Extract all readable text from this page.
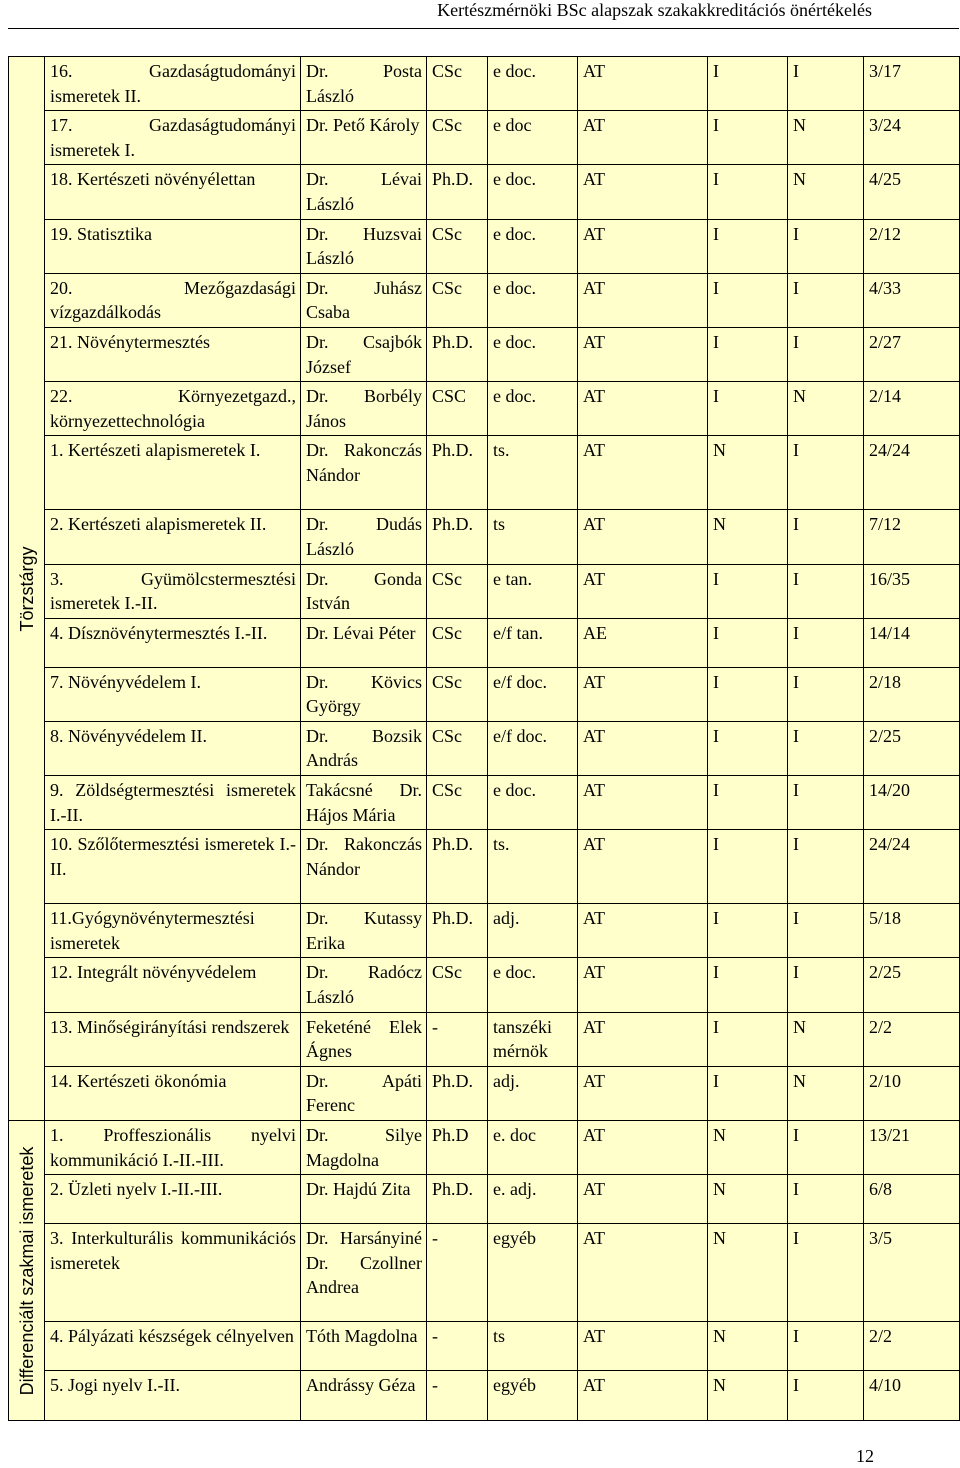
Kertészmérnöki BSc alapszak szakakkreditációs önértékelés
Törzstárgy	16. Gazdaságtudományi ismeretek II.	Dr. Posta László	CSc	e doc.	AT	I	I	3/17
	17. Gazdaságtudományi ismeretek I.	Dr. Pető Károly	CSc	e doc	AT	I	N	3/24
	18. Kertészeti növényélettan	Dr. Lévai László	Ph.D.	e doc.	AT	I	N	4/25
	19. Statisztika	Dr. Huzsvai László	CSc	e doc.	AT	I	I	2/12
	20. Mezőgazdasági vízgazdálkodás	Dr. Juhász Csaba	CSc	e doc.	AT	I	I	4/33
	21. Növénytermesztés	Dr. Csajbók József	Ph.D.	e doc.	AT	I	I	2/27
	22. Környezetgazd., környezettechnológia	Dr. Borbély János	CSC	e doc.	AT	I	N	2/14
	1. Kertészeti alapismeretek I.	Dr. Rakonczás Nándor	Ph.D.	ts.	AT	N	I	24/24
	2. Kertészeti alapismeretek II.	Dr. Dudás László	Ph.D.	ts	AT	N	I	7/12
	3. Gyümölcstermesztési ismeretek I.-II.	Dr. Gonda István	CSc	e tan.	AT	I	I	16/35
	4. Dísznövénytermesztés I.-II.	Dr. Lévai Péter	CSc	e/f tan.	AE	I	I	14/14
	7. Növényvédelem I.	Dr. Kövics György	CSc	e/f doc.	AT	I	I	2/18
	8. Növényvédelem II.	Dr. Bozsik András	CSc	e/f doc.	AT	I	I	2/25
	9. Zöldségtermesztési ismeretek I.-II.	Takácsné Dr. Hájos Mária	CSc	e doc.	AT	I	I	14/20
	10. Szőlőtermesztési ismeretek I.-II.	Dr. Rakonczás Nándor	Ph.D.	ts.	AT	I	I	24/24
	11.Gyógynövénytermesztési ismeretek	Dr. Kutassy Erika	Ph.D.	adj.	AT	I	I	5/18
	12. Integrált növényvédelem	Dr. Radócz László	CSc	e doc.	AT	I	I	2/25
	13. Minőségirányítási rendszerek	Feketéné Elek Ágnes	-	tanszéki mérnök	AT	I	N	2/2
	14. Kertészeti ökonómia	Dr. Apáti Ferenc	Ph.D.	adj.	AT	I	N	2/10

Differenciált szakmai ismeretek	1. Proffeszionális nyelvi kommunikáció I.-II.-III.	Dr. Silye Magdolna	Ph.D	e. doc	AT	N	I	13/21
	2. Üzleti nyelv I.-II.-III.	Dr. Hajdú Zita	Ph.D.	e. adj.	AT	N	I	6/8
	3. Interkulturális kommunikációs ismeretek	Dr. Harsányiné Dr. Czollner Andrea	-	egyéb	AT	N	I	3/5
	4. Pályázati készségek célnyelven	Tóth Magdolna	-	ts	AT	N	I	2/2
	5. Jogi nyelv I.-II.	Andrássy Géza	-	egyéb	AT	N	I	4/10
12
